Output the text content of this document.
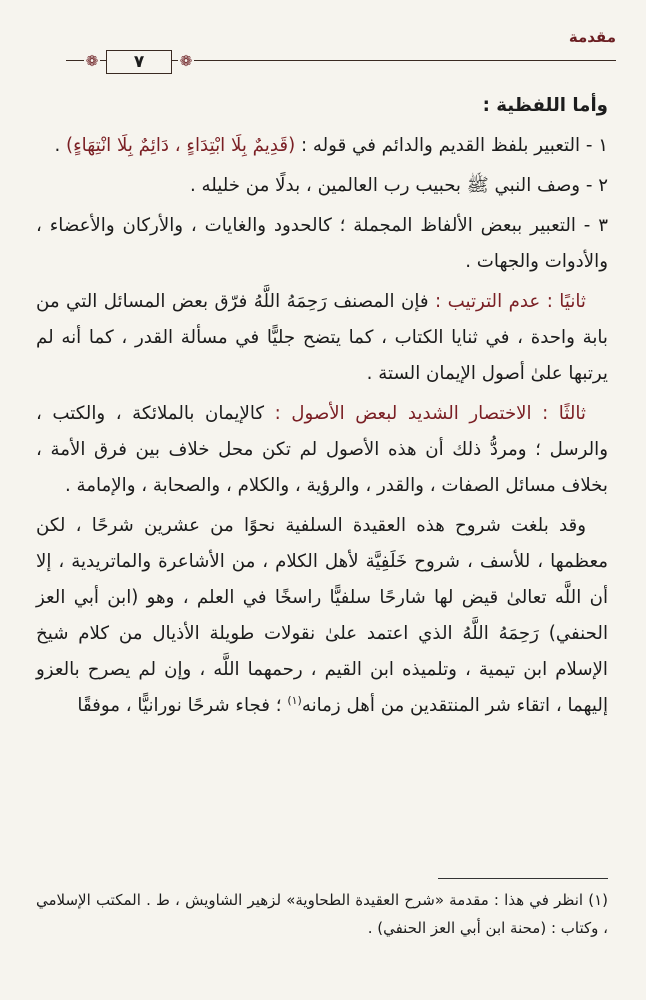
مقدمة
❁	٧	❁

وأما اللفظية :

١ - التعبير بلفظ القديم والدائم في قوله : (قَدِيمٌ بِلَا ابْتِدَاءٍ ، دَائِمٌ بِلَا انْتِهَاءٍ) .

٢ - وصف النبي ﷺ بحبيب رب العالمين ، بدلًا من خليله .

٣ - التعبير ببعض الألفاظ المجملة ؛ كالحدود والغايات ، والأركان والأعضاء ، والأدوات والجهات .

ثانيًا : عدم الترتيب : فإن المصنف رَحِمَهُ اللَّهُ فرّق بعض المسائل التي من بابة واحدة ، في ثنايا الكتاب ، كما يتضح جليًّا في مسألة القدر ، كما أنه لم يرتبها علىٰ أصول الإيمان الستة .

ثالثًا : الاختصار الشديد لبعض الأصول : كالإيمان بالملائكة ، والكتب ، والرسل ؛ ومردُّ ذلك أن هذه الأصول لم تكن محل خلاف بين فرق الأمة ، بخلاف مسائل الصفات ، والقدر ، والرؤية ، والكلام ، والصحابة ، والإمامة .

وقد بلغت شروح هذه العقيدة السلفية نحوًا من عشرين شرحًا ، لكن معظمها ، للأسف ، شروح خَلَفِيَّة لأهل الكلام ، من الأشاعرة والماتريدية ، إلا أن اللَّه تعالىٰ قيض لها شارحًا سلفيًّا راسخًا في العلم ، وهو (ابن أبي العز الحنفي) رَحِمَهُ اللَّهُ الذي اعتمد علىٰ نقولات طويلة الأذيال من كلام شيخ الإسلام ابن تيمية ، وتلميذه ابن القيم ، رحمهما اللَّه ، وإن لم يصرح بالعزو إليهما ، اتقاء شر المنتقدين من أهل زمانه$^{(١)}$ ؛ فجاء شرحًا نورانيًّا ، موفقًا

(١) انظر في هذا : مقدمة «شرح العقيدة الطحاوية» لزهير الشاويش ، ط . المكتب الإسلامي ، وكتاب : (محنة ابن أبي العز الحنفي) .
